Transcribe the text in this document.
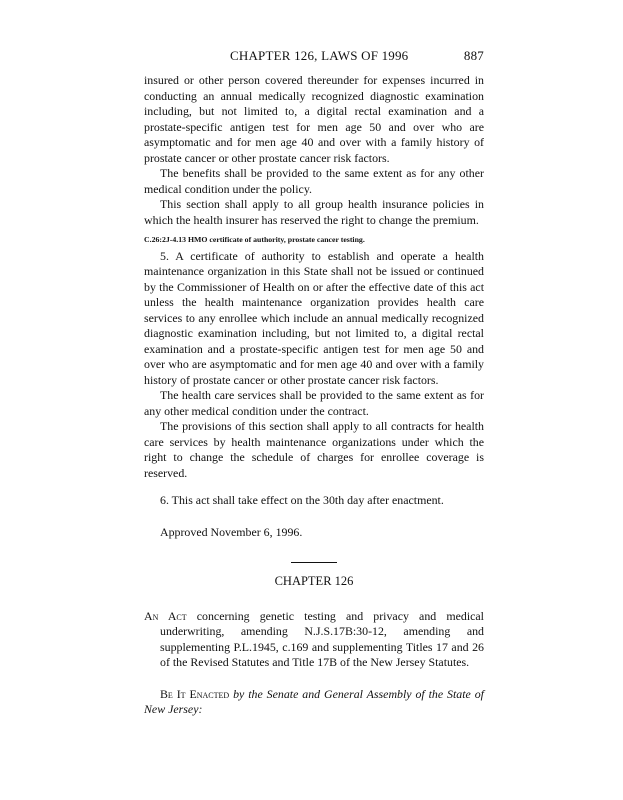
CHAPTER 126, LAWS OF 1996	887

insured or other person covered thereunder for expenses incurred in conducting an annual medically recognized diagnostic examination including, but not limited to, a digital rectal examination and a prostate-specific antigen test for men age 50 and over who are asymptomatic and for men age 40 and over with a family history of prostate cancer or other prostate cancer risk factors.

The benefits shall be provided to the same extent as for any other medical condition under the policy.

This section shall apply to all group health insurance policies in which the health insurer has reserved the right to change the premium.

C.26:2J-4.13 HMO certificate of authority, prostate cancer testing.

5. A certificate of authority to establish and operate a health maintenance organization in this State shall not be issued or continued by the Commissioner of Health on or after the effective date of this act unless the health maintenance organization provides health care services to any enrollee which include an annual medically recognized diagnostic examination including, but not limited to, a digital rectal examination and a prostate-specific antigen test for men age 50 and over who are asymptomatic and for men age 40 and over with a family history of prostate cancer or other prostate cancer risk factors.

The health care services shall be provided to the same extent as for any other medical condition under the contract.

The provisions of this section shall apply to all contracts for health care services by health maintenance organizations under which the right to change the schedule of charges for enrollee coverage is reserved.

6. This act shall take effect on the 30th day after enactment.

Approved November 6, 1996.

CHAPTER 126

An Act concerning genetic testing and privacy and medical underwriting, amending N.J.S.17B:30-12, amending and supplementing P.L.1945, c.169 and supplementing Titles 17 and 26 of the Revised Statutes and Title 17B of the New Jersey Statutes.

Be It Enacted by the Senate and General Assembly of the State of New Jersey:
